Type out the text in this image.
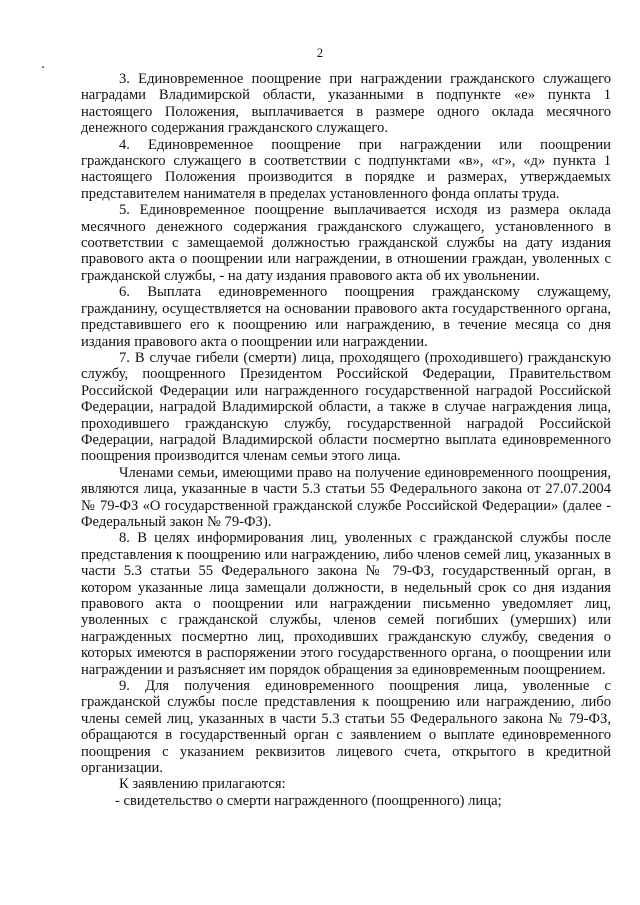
2

3. Единовременное поощрение при награждении гражданского служащего наградами Владимирской области, указанными в подпункте «е» пункта 1 настоящего Положения, выплачивается в размере одного оклада месячного денежного содержания гражданского служащего.

4. Единовременное поощрение при награждении или поощрении гражданского служащего в соответствии с подпунктами «в», «г», «д» пункта 1 настоящего Положения производится в порядке и размерах, утверждаемых представителем нанимателя в пределах установленного фонда оплаты труда.

5. Единовременное поощрение выплачивается исходя из размера оклада месячного денежного содержания гражданского служащего, установленного в соответствии с замещаемой должностью гражданской службы на дату издания правового акта о поощрении или награждении, в отношении граждан, уволенных с гражданской службы, - на дату издания правового акта об их увольнении.

6. Выплата единовременного поощрения гражданскому служащему, гражданину, осуществляется на основании правового акта государственного органа, представившего его к поощрению или награждению, в течение месяца со дня издания правового акта о поощрении или награждении.

7. В случае гибели (смерти) лица, проходящего (проходившего) гражданскую службу, поощренного Президентом Российской Федерации, Правительством Российской Федерации или награжденного государственной наградой Российской Федерации, наградой Владимирской области, а также в случае награждения лица, проходившего гражданскую службу, государственной наградой Российской Федерации, наградой Владимирской области посмертно выплата единовременного поощрения производится членам семьи этого лица.

Членами семьи, имеющими право на получение единовременного поощрения, являются лица, указанные в части 5.3 статьи 55 Федерального закона от 27.07.2004 № 79-ФЗ «О государственной гражданской службе Российской Федерации» (далее - Федеральный закон № 79-ФЗ).

8. В целях информирования лиц, уволенных с гражданской службы после представления к поощрению или награждению, либо членов семей лиц, указанных в части 5.3 статьи 55 Федерального закона № 79-ФЗ, государственный орган, в котором указанные лица замещали должности, в недельный срок со дня издания правового акта о поощрении или награждении письменно уведомляет лиц, уволенных с гражданской службы, членов семей погибших (умерших) или награжденных посмертно лиц, проходивших гражданскую службу, сведения о которых имеются в распоряжении этого государственного органа, о поощрении или награждении и разъясняет им порядок обращения за единовременным поощрением.

9. Для получения единовременного поощрения лица, уволенные с гражданской службы после представления к поощрению или награждению, либо члены семей лиц, указанных в части 5.3 статьи 55 Федерального закона № 79-ФЗ, обращаются в государственный орган с заявлением о выплате единовременного поощрения с указанием реквизитов лицевого счета, открытого в кредитной организации.

К заявлению прилагаются:

- свидетельство о смерти награжденного (поощренного) лица;
